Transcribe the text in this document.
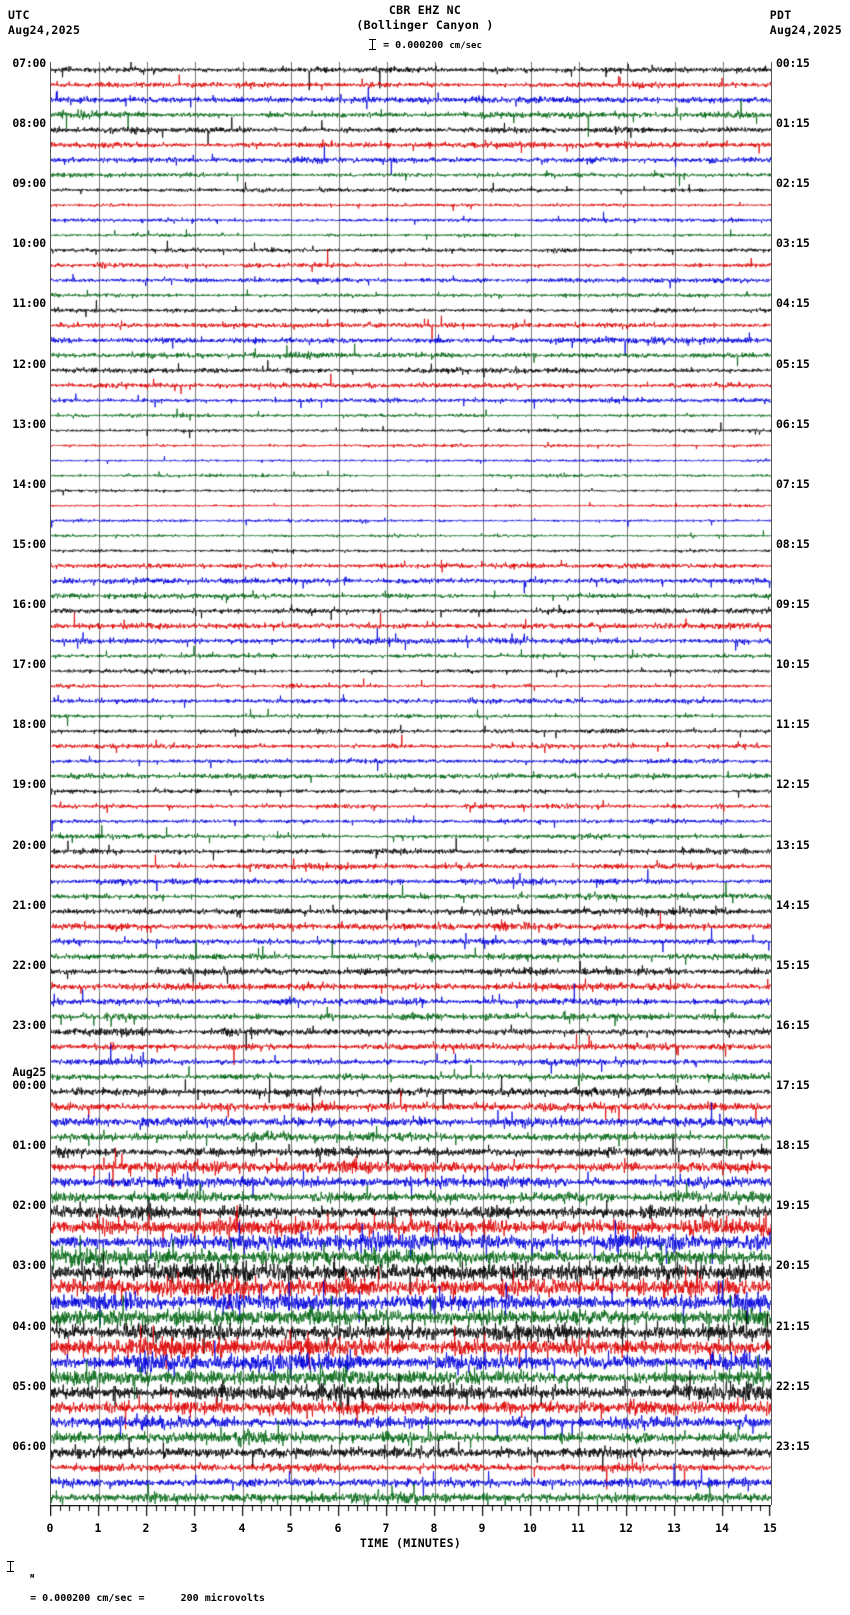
UTC
Aug24,2025
CBR EHZ NC
(Bollinger Canyon )
= 0.000200 cm/sec
PDT
Aug24,2025
07:00
08:00
09:00
10:00
11:00
12:00
13:00
14:00
15:00
16:00
17:00
18:00
19:00
20:00
21:00
22:00
23:00
00:00
01:00
02:00
03:00
04:00
05:00
06:00
Aug25
00:15
01:15
02:15
03:15
04:15
05:15
06:15
07:15
08:15
09:15
10:15
11:15
12:15
13:15
14:15
15:15
16:15
17:15
18:15
19:15
20:15
21:15
22:15
23:15
0	1	2	3	4	5	6	7	8	9	10	11	12	13	14	15
TIME (MINUTES)

м

= 0.000200 cm/sec =      200 microvolts
